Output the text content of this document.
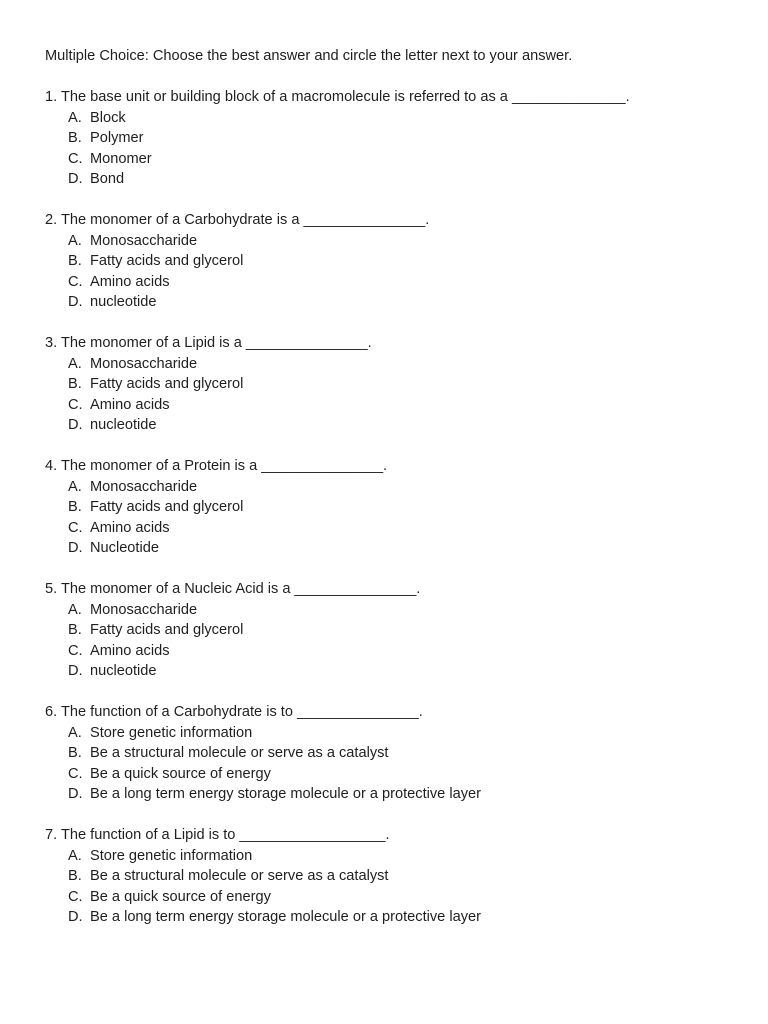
Multiple Choice: Choose the best answer and circle the letter next to your answer.

1. The base unit or building block of a macromolecule is referred to as a ______________.
A. Block
B. Polymer
C. Monomer
D. Bond
2. The monomer of a Carbohydrate is a _______________.
A. Monosaccharide
B. Fatty acids and glycerol
C. Amino acids
D. nucleotide
3. The monomer of a Lipid is a _______________.
A. Monosaccharide
B. Fatty acids and glycerol
C. Amino acids
D. nucleotide
4. The monomer of a Protein is a _______________.
A. Monosaccharide
B. Fatty acids and glycerol
C. Amino acids
D. Nucleotide
5. The monomer of a Nucleic Acid is a _______________.
A. Monosaccharide
B. Fatty acids and glycerol
C. Amino acids
D. nucleotide
6. The function of a Carbohydrate is to _______________.
A. Store genetic information
B. Be a structural molecule or serve as a catalyst
C. Be a quick source of energy
D. Be a long term energy storage molecule or a protective layer
7. The function of a Lipid is to __________________.
A. Store genetic information
B. Be a structural molecule or serve as a catalyst
C. Be a quick source of energy
D. Be a long term energy storage molecule or a protective layer
